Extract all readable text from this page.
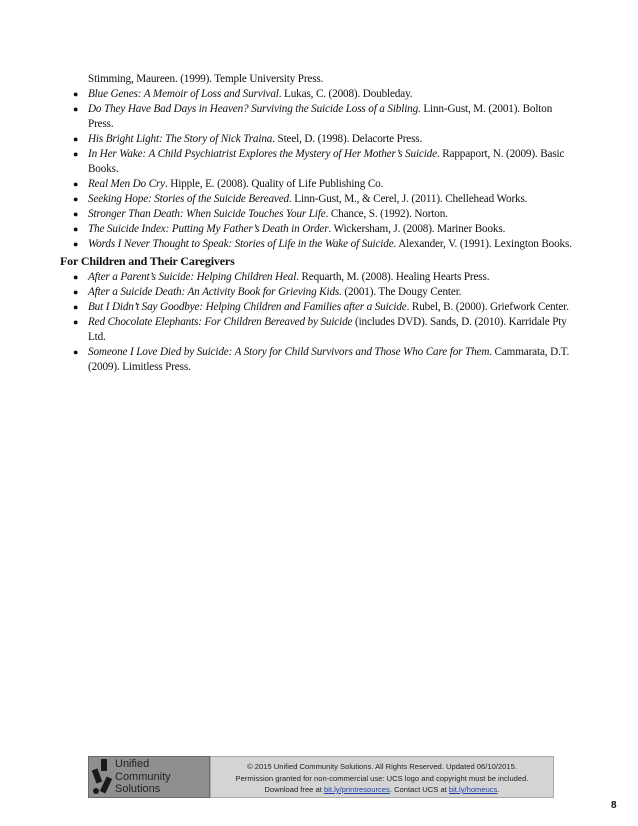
Stimming, Maureen. (1999). Temple University Press.
● Blue Genes: A Memoir of Loss and Survival. Lukas, C. (2008). Doubleday.
● Do They Have Bad Days in Heaven? Surviving the Suicide Loss of a Sibling. Linn-Gust, M. (2001). Bolton Press.
● His Bright Light: The Story of Nick Traina. Steel, D. (1998). Delacorte Press.
● In Her Wake: A Child Psychiatrist Explores the Mystery of Her Mother’s Suicide. Rappaport, N. (2009). Basic Books.
● Real Men Do Cry. Hipple, E. (2008). Quality of Life Publishing Co.
● Seeking Hope: Stories of the Suicide Bereaved. Linn-Gust, M., & Cerel, J. (2011). Chellehead Works.
● Stronger Than Death: When Suicide Touches Your Life. Chance, S. (1992). Norton.
● The Suicide Index: Putting My Father’s Death in Order. Wickersham, J. (2008). Mariner Books.
● Words I Never Thought to Speak: Stories of Life in the Wake of Suicide. Alexander, V. (1991). Lexington Books.
For Children and Their Caregivers
● After a Parent’s Suicide: Helping Children Heal. Requarth, M. (2008). Healing Hearts Press.
● After a Suicide Death: An Activity Book for Grieving Kids. (2001). The Dougy Center.
● But I Didn’t Say Goodbye: Helping Children and Families after a Suicide. Rubel, B. (2000). Griefwork Center.
● Red Chocolate Elephants: For Children Bereaved by Suicide (includes DVD). Sands, D. (2010). Karridale Pty Ltd.
● Someone I Love Died by Suicide: A Story for Child Survivors and Those Who Care for Them. Cammarata, D.T. (2009). Limitless Press.
Unified
Community
Solutions
© 2015 Unified Community Solutions. All Rights Reserved. Updated 06/10/2015.
Permission granted for non-commercial use: UCS logo and copyright must be included.
Download free at bit.ly/printresources. Contact UCS at bit.ly/homeucs.
8
